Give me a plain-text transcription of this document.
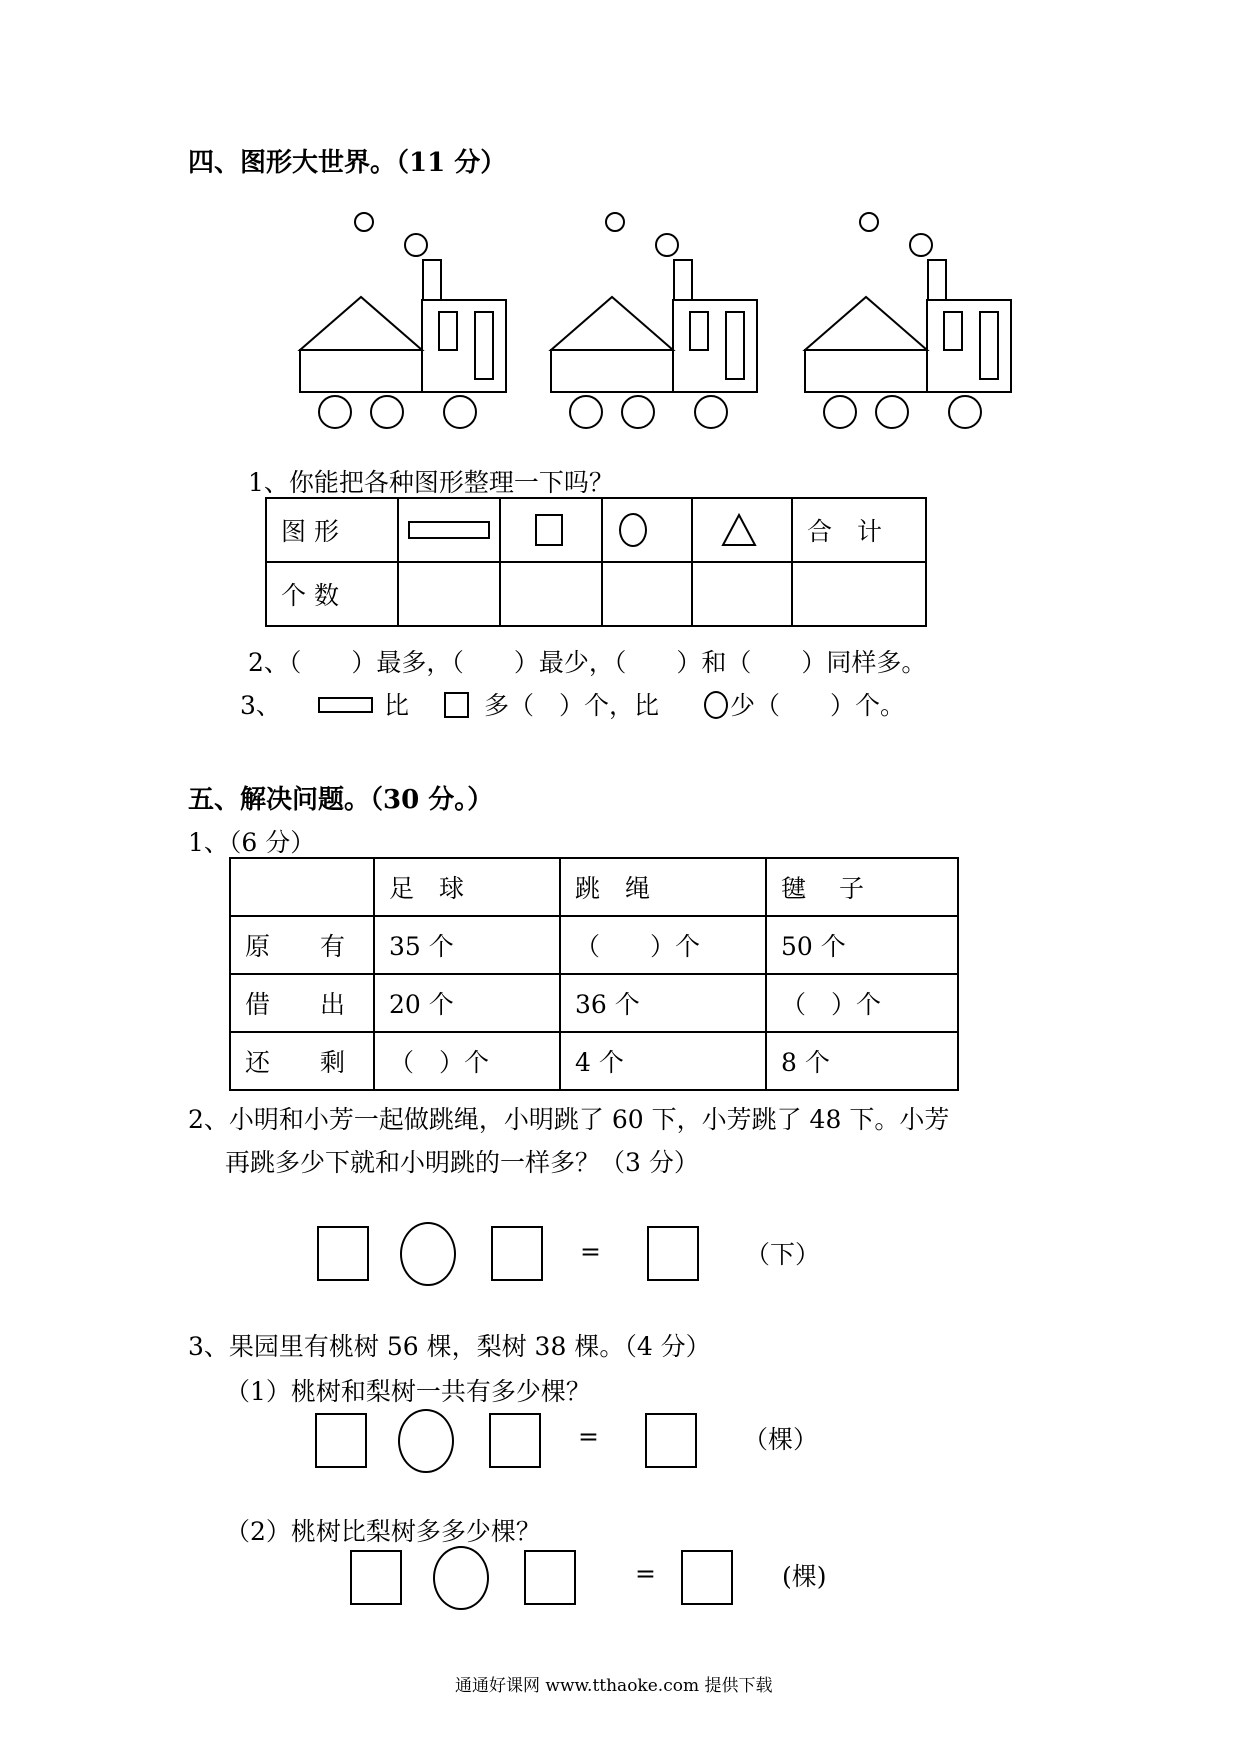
四、图形大世界。（11 分）
1、你能把各种图形整理一下吗？
图 形					合　计
个 数					
2、（　　）最多，（　　）最少，（　　）和（　　）同样多。
3、	比	多（　）个，比	少（　　）个。
五、解决问题。（30 分。）
1、（6 分）
	足　球	跳　绳	毽　 子
原　　有	35 个	（　　）个	50 个
借　　出	20 个	36 个	（　）个
还　　剩	（　）个	4 个	8 个
2、小明和小芳一起做跳绳，小明跳了 60 下，小芳跳了 48 下。小芳
再跳多少下就和小明跳的一样多？（3 分）
=	（下）
3、果园里有桃树 56 棵，梨树 38 棵。（4 分）
（1）桃树和梨树一共有多少棵？
=	（棵）
（2）桃树比梨树多多少棵？
=	(棵)
通通好课网 www.tthaoke.com 提供下载
